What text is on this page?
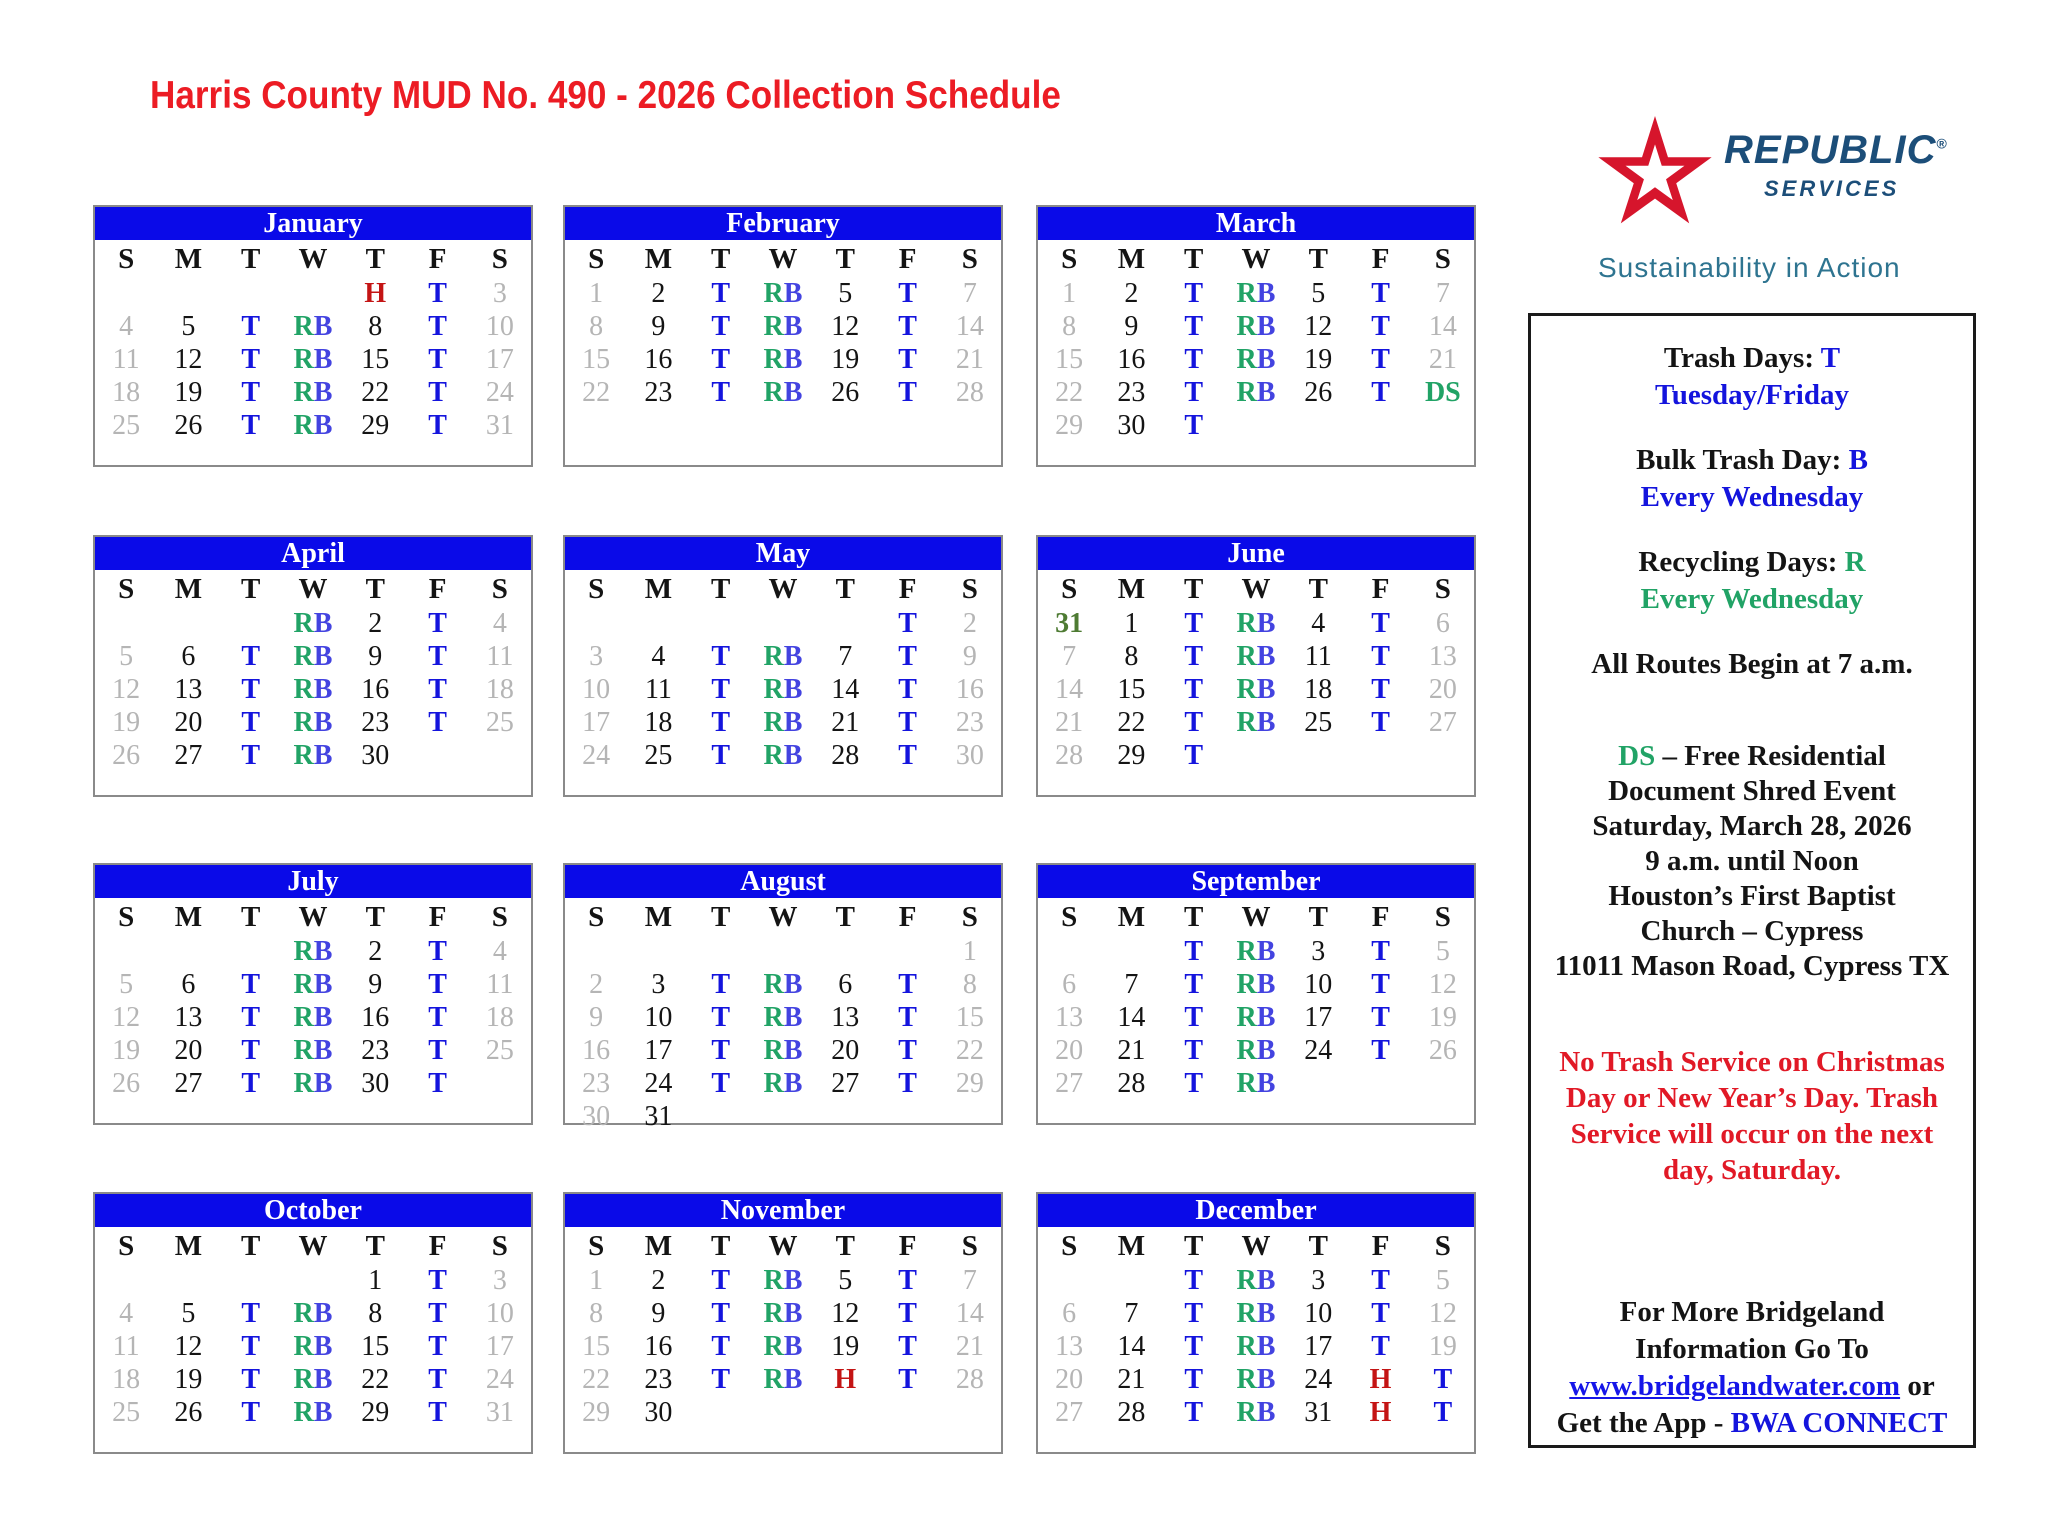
Harris County MUD No. 490 - 2026 Collection Schedule
REPUBLIC®
SERVICES
Sustainability in Action
January
S	M	T	W	T	F	S
				H	T	3
4	5	T	RB	8	T	10
11	12	T	RB	15	T	17
18	19	T	RB	22	T	24
25	26	T	RB	29	T	31
February
S	M	T	W	T	F	S
1	2	T	RB	5	T	7
8	9	T	RB	12	T	14
15	16	T	RB	19	T	21
22	23	T	RB	26	T	28
March
S	M	T	W	T	F	S
1	2	T	RB	5	T	7
8	9	T	RB	12	T	14
15	16	T	RB	19	T	21
22	23	T	RB	26	T	DS
29	30	T				
April
S	M	T	W	T	F	S
			RB	2	T	4
5	6	T	RB	9	T	11
12	13	T	RB	16	T	18
19	20	T	RB	23	T	25
26	27	T	RB	30		
May
S	M	T	W	T	F	S
					T	2
3	4	T	RB	7	T	9
10	11	T	RB	14	T	16
17	18	T	RB	21	T	23
24	25	T	RB	28	T	30
June
S	M	T	W	T	F	S
31	1	T	RB	4	T	6
7	8	T	RB	11	T	13
14	15	T	RB	18	T	20
21	22	T	RB	25	T	27
28	29	T				
July
S	M	T	W	T	F	S
			RB	2	T	4
5	6	T	RB	9	T	11
12	13	T	RB	16	T	18
19	20	T	RB	23	T	25
26	27	T	RB	30	T	
August
S	M	T	W	T	F	S
						1
2	3	T	RB	6	T	8
9	10	T	RB	13	T	15
16	17	T	RB	20	T	22
23	24	T	RB	27	T	29
30	31					
September
S	M	T	W	T	F	S
		T	RB	3	T	5
6	7	T	RB	10	T	12
13	14	T	RB	17	T	19
20	21	T	RB	24	T	26
27	28	T	RB			
October
S	M	T	W	T	F	S
				1	T	3
4	5	T	RB	8	T	10
11	12	T	RB	15	T	17
18	19	T	RB	22	T	24
25	26	T	RB	29	T	31
November
S	M	T	W	T	F	S
1	2	T	RB	5	T	7
8	9	T	RB	12	T	14
15	16	T	RB	19	T	21
22	23	T	RB	H	T	28
29	30					
December
S	M	T	W	T	F	S
		T	RB	3	T	5
6	7	T	RB	10	T	12
13	14	T	RB	17	T	19
20	21	T	RB	24	H	T
27	28	T	RB	31	H	T
Trash Days: T
Tuesday/Friday
Bulk Trash Day: B
Every Wednesday
Recycling Days: R
Every Wednesday
All Routes Begin at 7 a.m.
DS – Free Residential
Document Shred Event
Saturday, March 28, 2026
9 a.m. until Noon
Houston’s First Baptist
Church – Cypress
11011 Mason Road, Cypress TX
No Trash Service on Christmas
Day or New Year’s Day. Trash
Service will occur on the next
day, Saturday.
For More Bridgeland
Information Go To
www.bridgelandwater.com or
Get the App - BWA CONNECT
